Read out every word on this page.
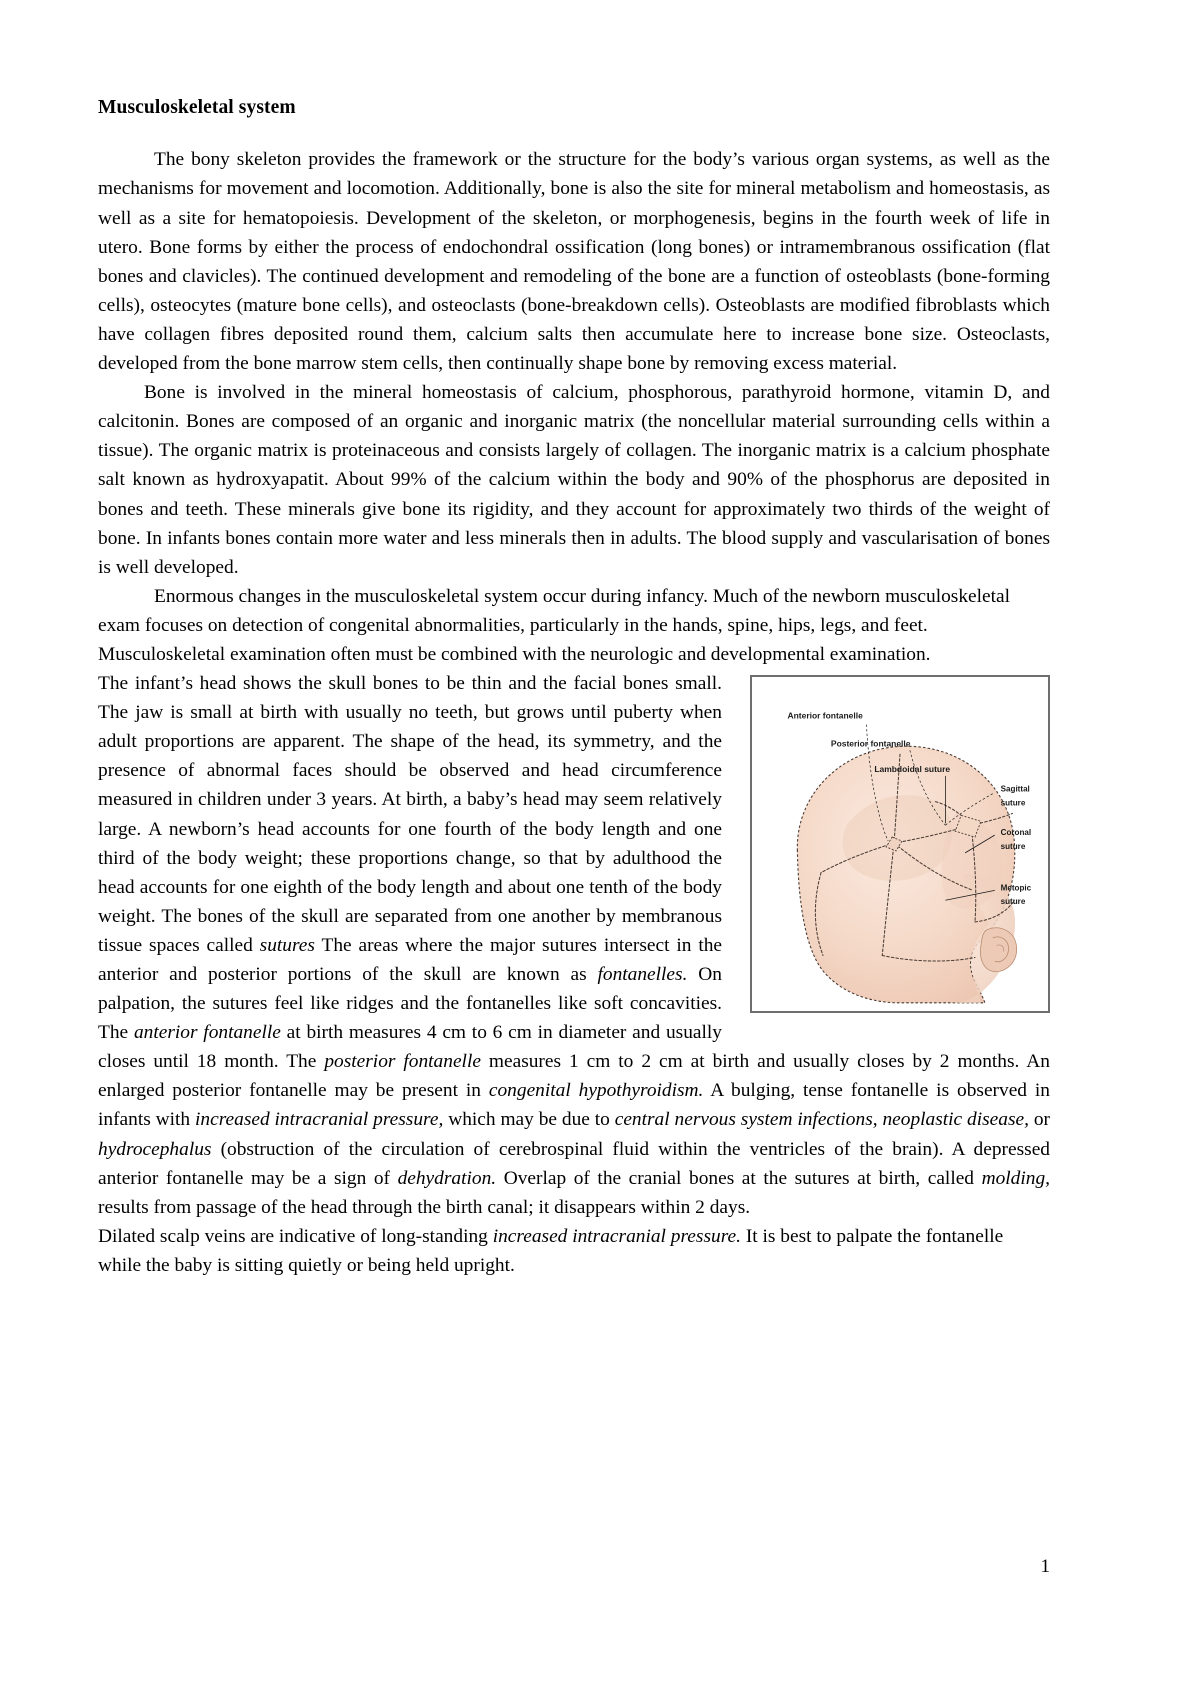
Musculoskeletal system

The bony skeleton provides the framework or the structure for the body’s various organ systems, as well as the mechanisms for movement and locomotion. Additionally, bone is also the site for mineral metabolism and homeostasis, as well as a site for hematopoiesis. Development of the skeleton, or morphogenesis, begins in the fourth week of life in utero. Bone forms by either the process of endochondral ossification (long bones) or intramembranous ossification (flat bones and clavicles). The continued development and remodeling of the bone are a function of osteoblasts (bone-forming cells), osteocytes (mature bone cells), and osteoclasts (bone-breakdown cells). Osteoblasts are modified fibroblasts which have collagen fibres deposited round them, calcium salts then accumulate here to increase bone size. Osteoclasts, developed from the bone marrow stem cells, then continually shape bone by removing excess material.

Bone is involved in the mineral homeostasis of calcium, phosphorous, parathyroid hormone, vitamin D, and calcitonin. Bones are composed of an organic and inorganic matrix (the noncellular material surrounding cells within a tissue). The organic matrix is proteinaceous and consists largely of collagen. The inorganic matrix is a calcium phosphate salt known as hydroxyapatit. About 99% of the calcium within the body and 90% of the phosphorus are deposited in bones and teeth. These minerals give bone its rigidity, and they account for approximately two thirds of the weight of bone. In infants bones contain more water and less minerals then in adults. The blood supply and vascularisation of bones is well developed.

Enormous changes in the musculoskeletal system occur during infancy. Much of the newborn musculoskeletal exam focuses on detection of congenital abnormalities, particularly in the hands, spine, hips, legs, and feet. Musculoskeletal examination often must be combined with the neurologic and developmental examination.

Anterior fontanelle
Posterior fontanelle
Lambdoidal suture
Sagittal
suture
Coronal
suture
Metopic
suture
The infant’s head shows the skull bones to be thin and the facial bones small. The jaw is small at birth with usually no teeth, but grows until puberty when adult proportions are apparent. The shape of the head, its symmetry, and the presence of abnormal faces should be observed and head circumference measured in children under 3 years. At birth, a baby’s head may seem relatively large. A newborn’s head accounts for one fourth of the body length and one third of the body weight; these proportions change, so that by adulthood the head accounts for one eighth of the body length and about one tenth of the body weight. The bones of the skull are separated from one another by membranous tissue spaces called sutures The areas where the major sutures intersect in the anterior and posterior portions of the skull are known as fontanelles. On palpation, the sutures feel like ridges and the fontanelles like soft concavities. The anterior fontanelle at birth measures 4 cm to 6 cm in diameter and usually closes until 18 month. The posterior fontanelle measures 1 cm to 2 cm at birth and usually closes by 2 months. An enlarged posterior fontanelle may be present in congenital hypothyroidism. A bulging, tense fontanelle is observed in infants with increased intracranial pressure, which may be due to central nervous system infections, neoplastic disease, or hydrocephalus (obstruction of the circulation of cerebrospinal fluid within the ventricles of the brain). A depressed anterior fontanelle may be a sign of dehydration. Overlap of the cranial bones at the sutures at birth, called molding, results from passage of the head through the birth canal; it disappears within 2 days.

Dilated scalp veins are indicative of long-standing increased intracranial pressure. It is best to palpate the fontanelle while the baby is sitting quietly or being held upright.

1
